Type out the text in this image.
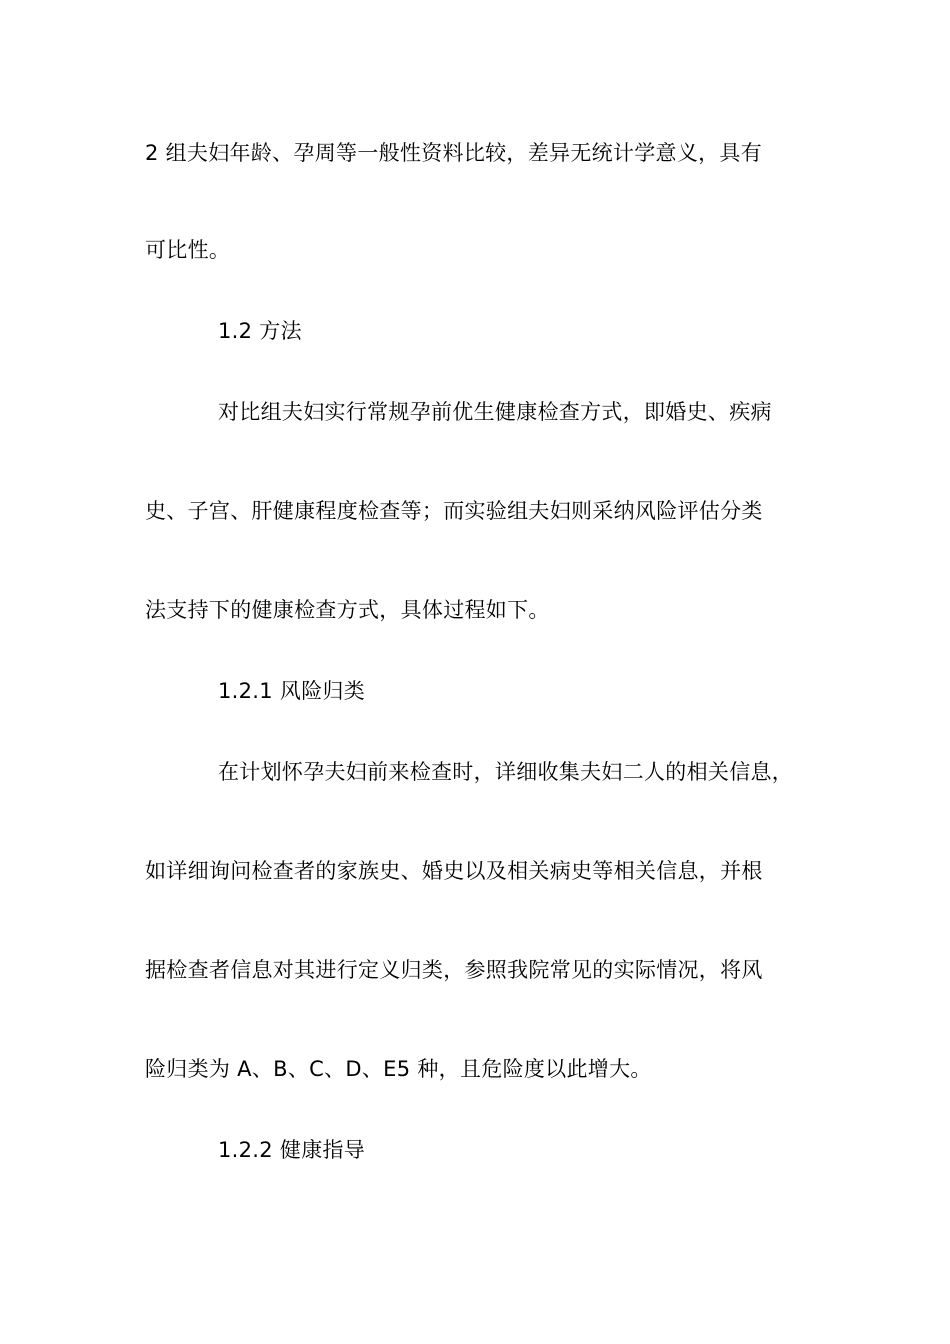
2 组夫妇年龄、孕周等一般性资料比较，差异无统计学意义，具有
可比性。
1.2 方法
对比组夫妇实行常规孕前优生健康检查方式，即婚史、疾病
史、子宫、肝健康程度检查等；而实验组夫妇则采纳风险评估分类
法支持下的健康检查方式，具体过程如下。
1.2.1 风险归类
在计划怀孕夫妇前来检查时，详细收集夫妇二人的相关信息，
如详细询问检查者的家族史、婚史以及相关病史等相关信息，并根
据检查者信息对其进行定义归类，参照我院常见的实际情况，将风
险归类为 A、B、C、D、E5 种，且危险度以此增大。
1.2.2 健康指导
